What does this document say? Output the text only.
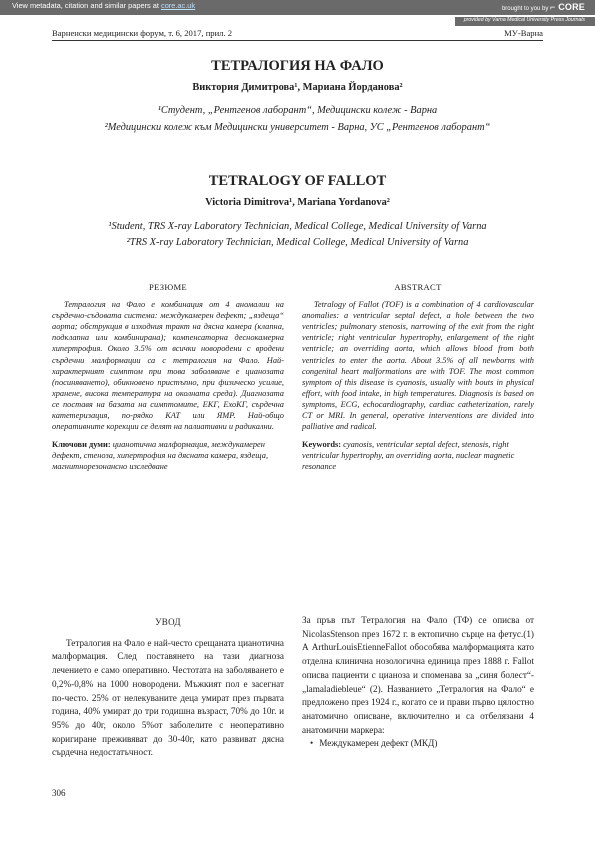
View metadata, citation and similar papers at core.ac.uk	brought to you by ⌐ CORE
provided by Varna Medical University Press Journals
Варненски медицински форум, т. 6, 2017, прил. 2	МУ-Варна
ТЕТРАЛОГИЯ НА ФАЛО
Виктория Димитрова¹, Мариана Йорданова²
¹Студент, „Рентгенов лаборант“, Медицински колеж - Варна
²Медицински колеж към Медицински университет - Варна, УС „Рентгенов лаборант“
TETRALOGY OF FALLOT
Victoria Dimitrova¹, Mariana Yordanova²
¹Student, TRS X-ray Laboratory Technician, Medical College, Medical University of Varna
²TRS X-ray Laboratory Technician, Medical College, Medical University of Varna
РЕЗЮМЕ

Тетралогия на Фало е комбинация от 4 аномалии на сърдечно-съдовата система: междукамерен дефект; „яздеща“ аорта; обструкция в изходния тракт на дясна камера (клапна, подклапна или комбинирана); компенсаторна деснокамерна хипертрофия. Около 3.5% от всички новородени с вродени сърдечни малформации са с тетралогия на Фало. Най-характерният симптом при това заболяване е цианозата (посиняването), обикновено пристъпно, при физическо усилие, хранене, висока температура на околната среда). Диагнозата се поставя на базата на симптомите, ЕКГ, ЕхоКГ, сърдечна катетеризация, по-рядко КАТ или ЯМР. Най-общо оперативните корекции се делят на палиативни и радикални.

Ключови думи: цианотична малформация, междукамерен дефект, стеноза, хипертрофия на дясната камера, яздеща, магнитнорезонансно изследване
ABSTRACT

Tetralogy of Fallot (TOF) is a combination of 4 cardiovascular anomalies: a ventricular septal defect, a hole between the two ventricles; pulmonary stenosis, narrowing of the exit from the right ventricle; right ventricular hypertrophy, enlargement of the right ventricle; an overriding aorta, which allows blood from both ventricles to enter the aorta. About 3.5% of all newborns with congenital heart malformations are with TOF. The most common symptom of this disease is cyanosis, usually with bouts in physical effort, with food intake, in high temperatures. Diagnosis is based on symptoms, ECG, echocardiography, cardiac catheterization, rarely CT or MRI. In general, operative interventions are divided into palliative and radical.

Keywords: cyanosis, ventricular septal defect, stenosis, right ventricular hypertrophy, an overriding aorta, nuclear magnetic resonance
УВОД

Тетралогия на Фало е най-често срещаната цианотична малформация. След поставянето на тази диагноза лечението е само оперативно. Честотата на заболяването е 0,2%-0,8% на 1000 новородени. Мъжкият пол е засегнат по-често. 25% от нелекуваните деца умират през първата година, 40% умират до три годишна възраст, 70% до 10г. и 95% до 40г, около 5%от заболелите с неоперативно коригиране преживяват до 30-40г, като развиват дясна сърдечна недостатъчност.

За пръв път Тетралогия на Фало (ТФ) се описва от NicolasStenson през 1672 г. в ектопично сърце на фетус.(1) А ArthurLouisEtienneFallot обособява малформацията като отделна клинична нозологична единица през 1888 г. Fallot описва пациенти с цианоза и споменава за „синя болест“-„lamaladiebleue“ (2). Названието „Тетралогия на Фало“ е предложено през 1924 г., когато се и прави първо цялостно анатомично описване, включително и са отбелязани 4 анатомични маркера:

• Междукамерен дефект (МКД)
306
